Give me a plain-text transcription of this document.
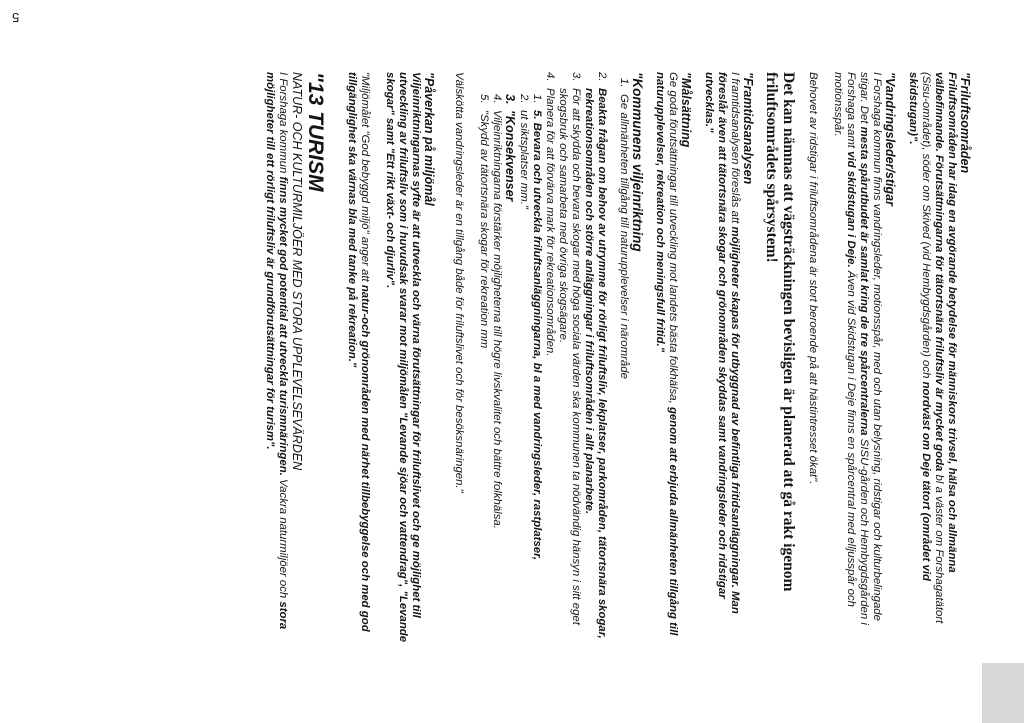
5
"Friluftsområden
Friluftsområden har idag en avgörande betydelse för människors trivsel, hälsa och allmänna välbefinnande. Förutsättningarna för tätortsnära friluftsliv är mycket goda bl a väster om Forshagatätort (Sisu-området), söder om Skived (vid Hembygdsgården) och nordväst om Deje tätort (området vid skidstugan)".
"Vandringsleder/stigar
I Forshaga kommun finns vandringsleder, motionsspår, med och utan belysning, ridstigar och kulturbelingade stigar. Det mesta spårutbudet är samlat kring de tre spårcentralerna SISU-gården och Hembygdsgården i Forshaga samt vid skidstugan i Deje. Även vid Skidstugan i Deje finns en spårcentral med elljusspår och motionsspår.
Behovet av ridstigar i friluftsområdena är stort beroende på att hästintresset ökat".
Det kan nämnas att vägsträckningen bevisligen är planerad att gå rakt igenom friluftsområdets spårsystem!
"Framtidsanalysen
I framtidsanalysen föreslås att möjligheter skapas för utbyggnad av befintliga fritidsanläggningar. Man föreslår även att tätortsnära skogar och grönområden skyddas samt vandringsleder och ridstigar utvecklas."
"Målsättning
Ge goda förutsättningar till utveckling mot landets bästa folkhälsa, genom att erbjuda allmänheten tillgång till naturupplevelser, rekreation och meningsfull fritid."
"Kommunens viljeinriktning
1.
Ge allmänheten tillgång till naturupplevelser i närområde
2.
Beakta frågan om behov av utrymme för rörligt friluftsliv, lekplatser, parkområden, tätortsnära skogar, rekreationsområden och större anläggningar i friluftsområden i allt planarbete.
3.
För att skydda och bevara skogar med höga sociala värden ska kommunen ta nödvändig hänsyn i sitt eget skogsbruk och samarbeta med övriga skogsägare.
4.
Planera för att förvärva mark för rekreationsområden.
1.
5. Bevara och utveckla friluftsanläggningarna, bl a med vandringsleder, rastplatser,
2.
ut siktsplatser mm."
3.
"Konsekvenser
4.
Viljeinriktningarna förstärker möjligheterna till högre livskvalitet och bättre folkhälsa.
5.
"Skydd av tätortsnära skogar för rekreation mm
Välskötta vandringsleder är en tillgång både för friluftslivet och för besöksnäringen."
"Påverkan på miljömål
Viljeinriktningarnas syfte är att utveckla och värna förutsättningar för friluftslivet och ge möjlighet till utveckling av friluftsliv som i huvudsak svarar mot miljömålen "Levande sjöar och vattendrag", "Levande skogar" samt "Ett rikt växt- och djurliv".
"Miljömålet "God bebyggd miljö" anger att natur-och grönområden med närhet tillbebyggelse och med god tillgänglighet ska värnas bla med tanke på rekreation."
"13 TURISM
NATUR- OCH KULTURMILJÖER MED STORA UPPLEVELSEVÄRDEN
I Forshaga kommun finns mycket god potential att utveckla turismnäringen. Vackra naturmiljöer och stora möjligheter till ett rörligt friluftsliv är grundförutsättningar för turism".
